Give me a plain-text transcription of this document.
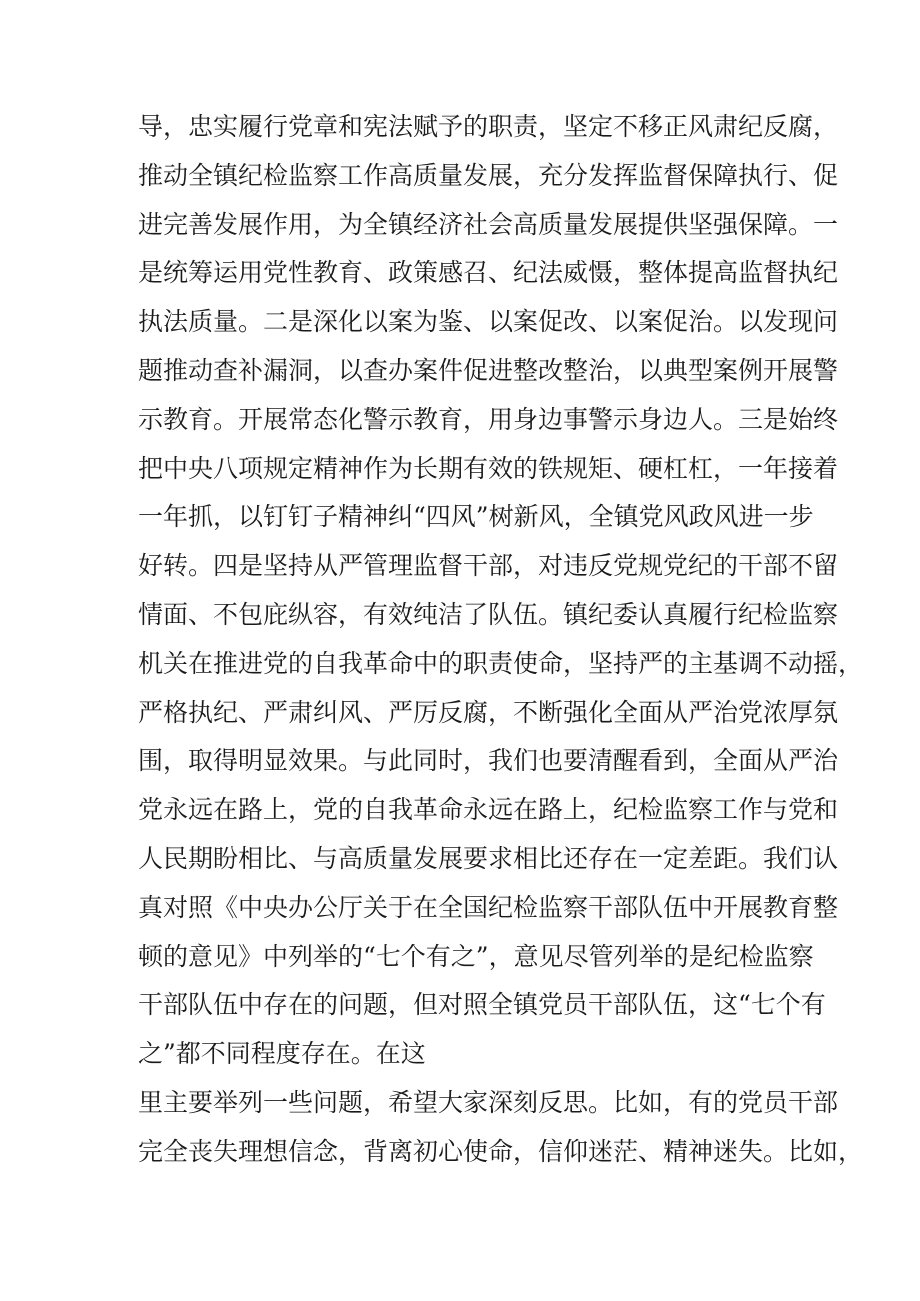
导，忠实履行党章和宪法赋予的职责，坚定不移正风肃纪反腐，
推动全镇纪检监察工作高质量发展，充分发挥监督保障执行、促
进完善发展作用，为全镇经济社会高质量发展提供坚强保障。一
是统筹运用党性教育、政策感召、纪法威慑，整体提高监督执纪
执法质量。二是深化以案为鉴、以案促改、以案促治。以发现问
题推动查补漏洞，以查办案件促进整改整治，以典型案例开展警
示教育。开展常态化警示教育，用身边事警示身边人。三是始终
把中央八项规定精神作为长期有效的铁规矩、硬杠杠，一年接着
一年抓，以钉钉子精神纠“四风”树新风，全镇党风政风进一步
好转。四是坚持从严管理监督干部，对违反党规党纪的干部不留
情面、不包庇纵容，有效纯洁了队伍。镇纪委认真履行纪检监察
机关在推进党的自我革命中的职责使命，坚持严的主基调不动摇，
严格执纪、严肃纠风、严厉反腐，不断强化全面从严治党浓厚氛
围，取得明显效果。与此同时，我们也要清醒看到，全面从严治
党永远在路上，党的自我革命永远在路上，纪检监察工作与党和
人民期盼相比、与高质量发展要求相比还存在一定差距。我们认
真对照《中央办公厅关于在全国纪检监察干部队伍中开展教育整
顿的意见》中列举的“七个有之”，意见尽管列举的是纪检监察
干部队伍中存在的问题，但对照全镇党员干部队伍，这“七个有
之”都不同程度存在。在这
里主要举列一些问题，希望大家深刻反思。比如，有的党员干部
完全丧失理想信念，背离初心使命，信仰迷茫、精神迷失。比如，
